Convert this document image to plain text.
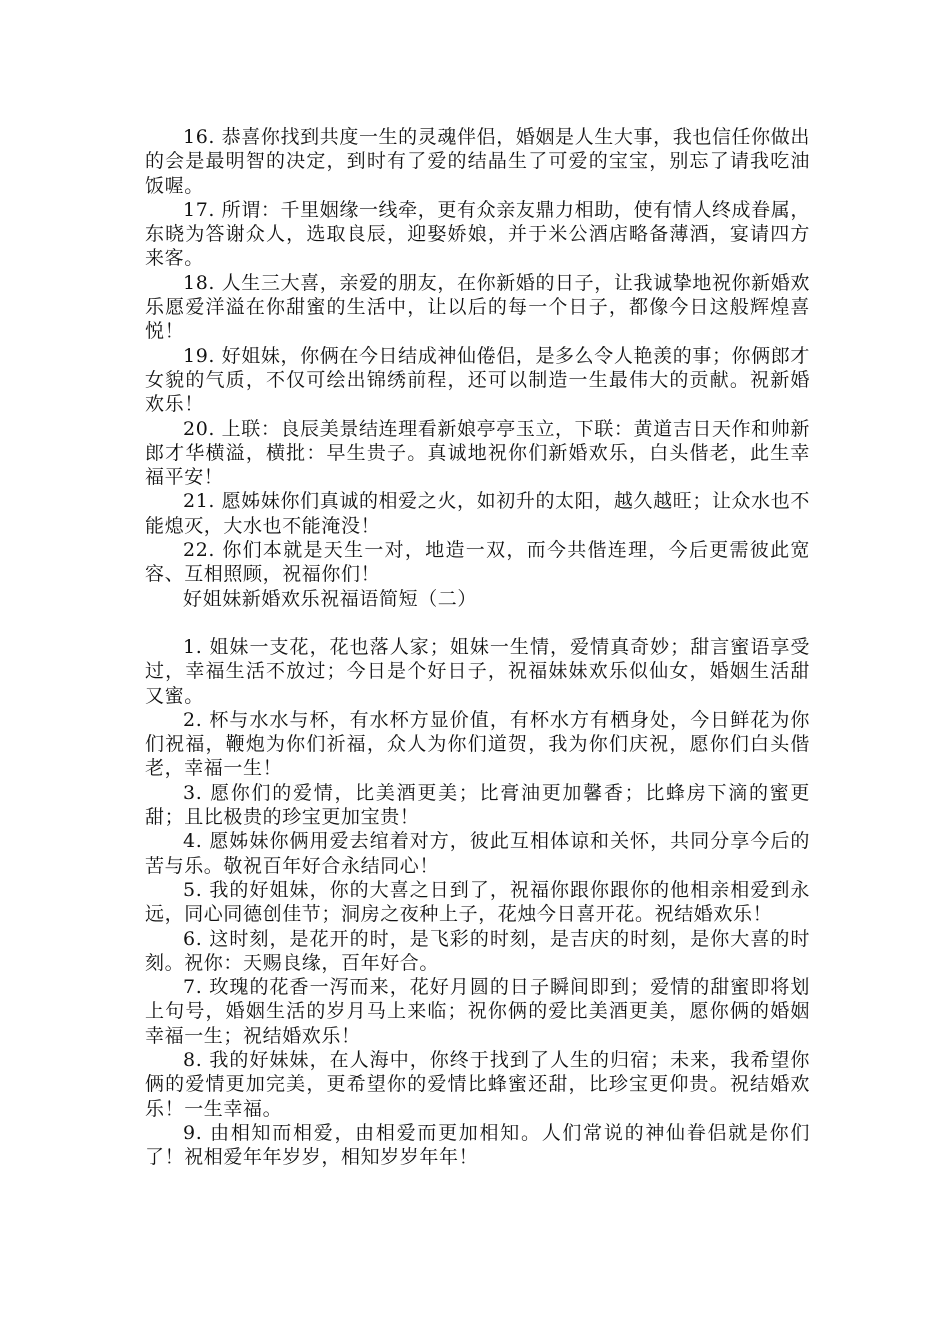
16. 恭喜你找到共度一生的灵魂伴侣，婚姻是人生大事，我也信任你做出的会是最明智的决定，到时有了爱的结晶生了可爱的宝宝，别忘了请我吃油饭喔。

17. 所谓：千里姻缘一线牵，更有众亲友鼎力相助，使有情人终成眷属，东晓为答谢众人，选取良辰，迎娶娇娘，并于米公酒店略备薄酒，宴请四方来客。

18. 人生三大喜，亲爱的朋友，在你新婚的日子，让我诚挚地祝你新婚欢乐愿爱洋溢在你甜蜜的生活中，让以后的每一个日子，都像今日这般辉煌喜悦！

19. 好姐妹，你俩在今日结成神仙倦侣，是多么令人艳羡的事；你俩郎才女貌的气质，不仅可绘出锦绣前程，还可以制造一生最伟大的贡献。祝新婚欢乐！

20. 上联：良辰美景结连理看新娘亭亭玉立，下联：黄道吉日天作和帅新郎才华横溢，横批：早生贵子。真诚地祝你们新婚欢乐，白头偕老，此生幸福平安！

21. 愿姊妹你们真诚的相爱之火，如初升的太阳，越久越旺；让众水也不能熄灭，大水也不能淹没！

22. 你们本就是天生一对，地造一双，而今共偕连理，今后更需彼此宽容、互相照顾，祝福你们！

好姐妹新婚欢乐祝福语简短（二）

1. 姐妹一支花，花也落人家；姐妹一生情，爱情真奇妙；甜言蜜语享受过，幸福生活不放过；今日是个好日子，祝福妹妹欢乐似仙女，婚姻生活甜又蜜。

2. 杯与水水与杯，有水杯方显价值，有杯水方有栖身处，今日鲜花为你们祝福，鞭炮为你们祈福，众人为你们道贺，我为你们庆祝，愿你们白头偕老，幸福一生！

3. 愿你们的爱情，比美酒更美；比膏油更加馨香；比蜂房下滴的蜜更甜；且比极贵的珍宝更加宝贵！

4. 愿姊妹你俩用爱去绾着对方，彼此互相体谅和关怀，共同分享今后的苦与乐。敬祝百年好合永结同心！

5. 我的好姐妹，你的大喜之日到了，祝福你跟你跟你的他相亲相爱到永远，同心同德创佳节；洞房之夜种上子，花烛今日喜开花。祝结婚欢乐！

6. 这时刻，是花开的时，是飞彩的时刻，是吉庆的时刻，是你大喜的时刻。祝你：天赐良缘，百年好合。

7. 玫瑰的花香一泻而来，花好月圆的日子瞬间即到；爱情的甜蜜即将划上句号，婚姻生活的岁月马上来临；祝你俩的爱比美酒更美，愿你俩的婚姻幸福一生；祝结婚欢乐！

8. 我的好妹妹，在人海中，你终于找到了人生的归宿；未来，我希望你俩的爱情更加完美，更希望你的爱情比蜂蜜还甜，比珍宝更仰贵。祝结婚欢乐！一生幸福。

9. 由相知而相爱，由相爱而更加相知。人们常说的神仙眷侣就是你们了！祝相爱年年岁岁，相知岁岁年年！
